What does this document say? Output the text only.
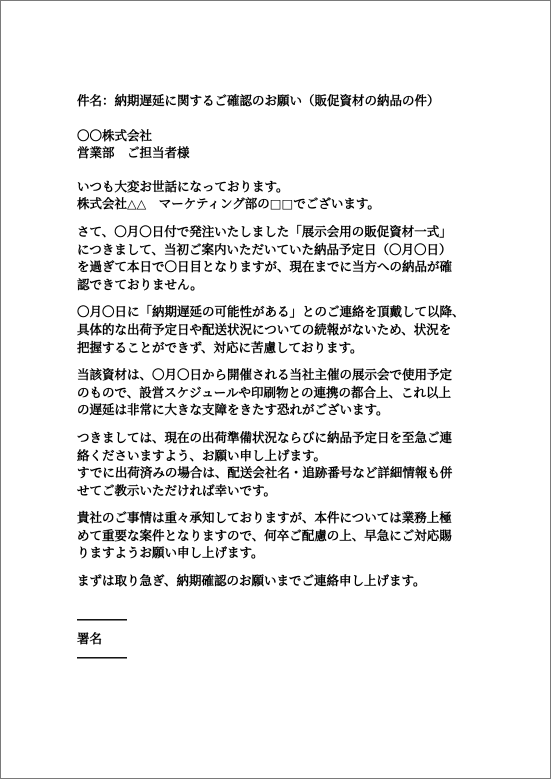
件名：納期遅延に関するご確認のお願い（販促資材の納品の件）
〇〇株式会社
営業部　ご担当者様
いつも大変お世話になっております。
株式会社△△　マーケティング部の□□でございます。
さて、〇月〇日付で発注いたしました「展示会用の販促資材一式」
につきまして、当初ご案内いただいていた納品予定日（〇月〇日）
を過ぎて本日で〇日目となりますが、現在までに当方への納品が確
認できておりません。
〇月〇日に「納期遅延の可能性がある」とのご連絡を頂戴して以降、
具体的な出荷予定日や配送状況についての続報がないため、状況を
把握することができず、対応に苦慮しております。
当該資材は、〇月〇日から開催される当社主催の展示会で使用予定
のもので、設営スケジュールや印刷物との連携の都合上、これ以上
の遅延は非常に大きな支障をきたす恐れがございます。
つきましては、現在の出荷準備状況ならびに納品予定日を至急ご連
絡くださいますよう、お願い申し上げます。
すでに出荷済みの場合は、配送会社名・追跡番号など詳細情報も併
せてご教示いただければ幸いです。
貴社のご事情は重々承知しておりますが、本件については業務上極
めて重要な案件となりますので、何卒ご配慮の上、早急にご対応賜
りますようお願い申し上げます。
まずは取り急ぎ、納期確認のお願いまでご連絡申し上げます。
――――
署名
――――
